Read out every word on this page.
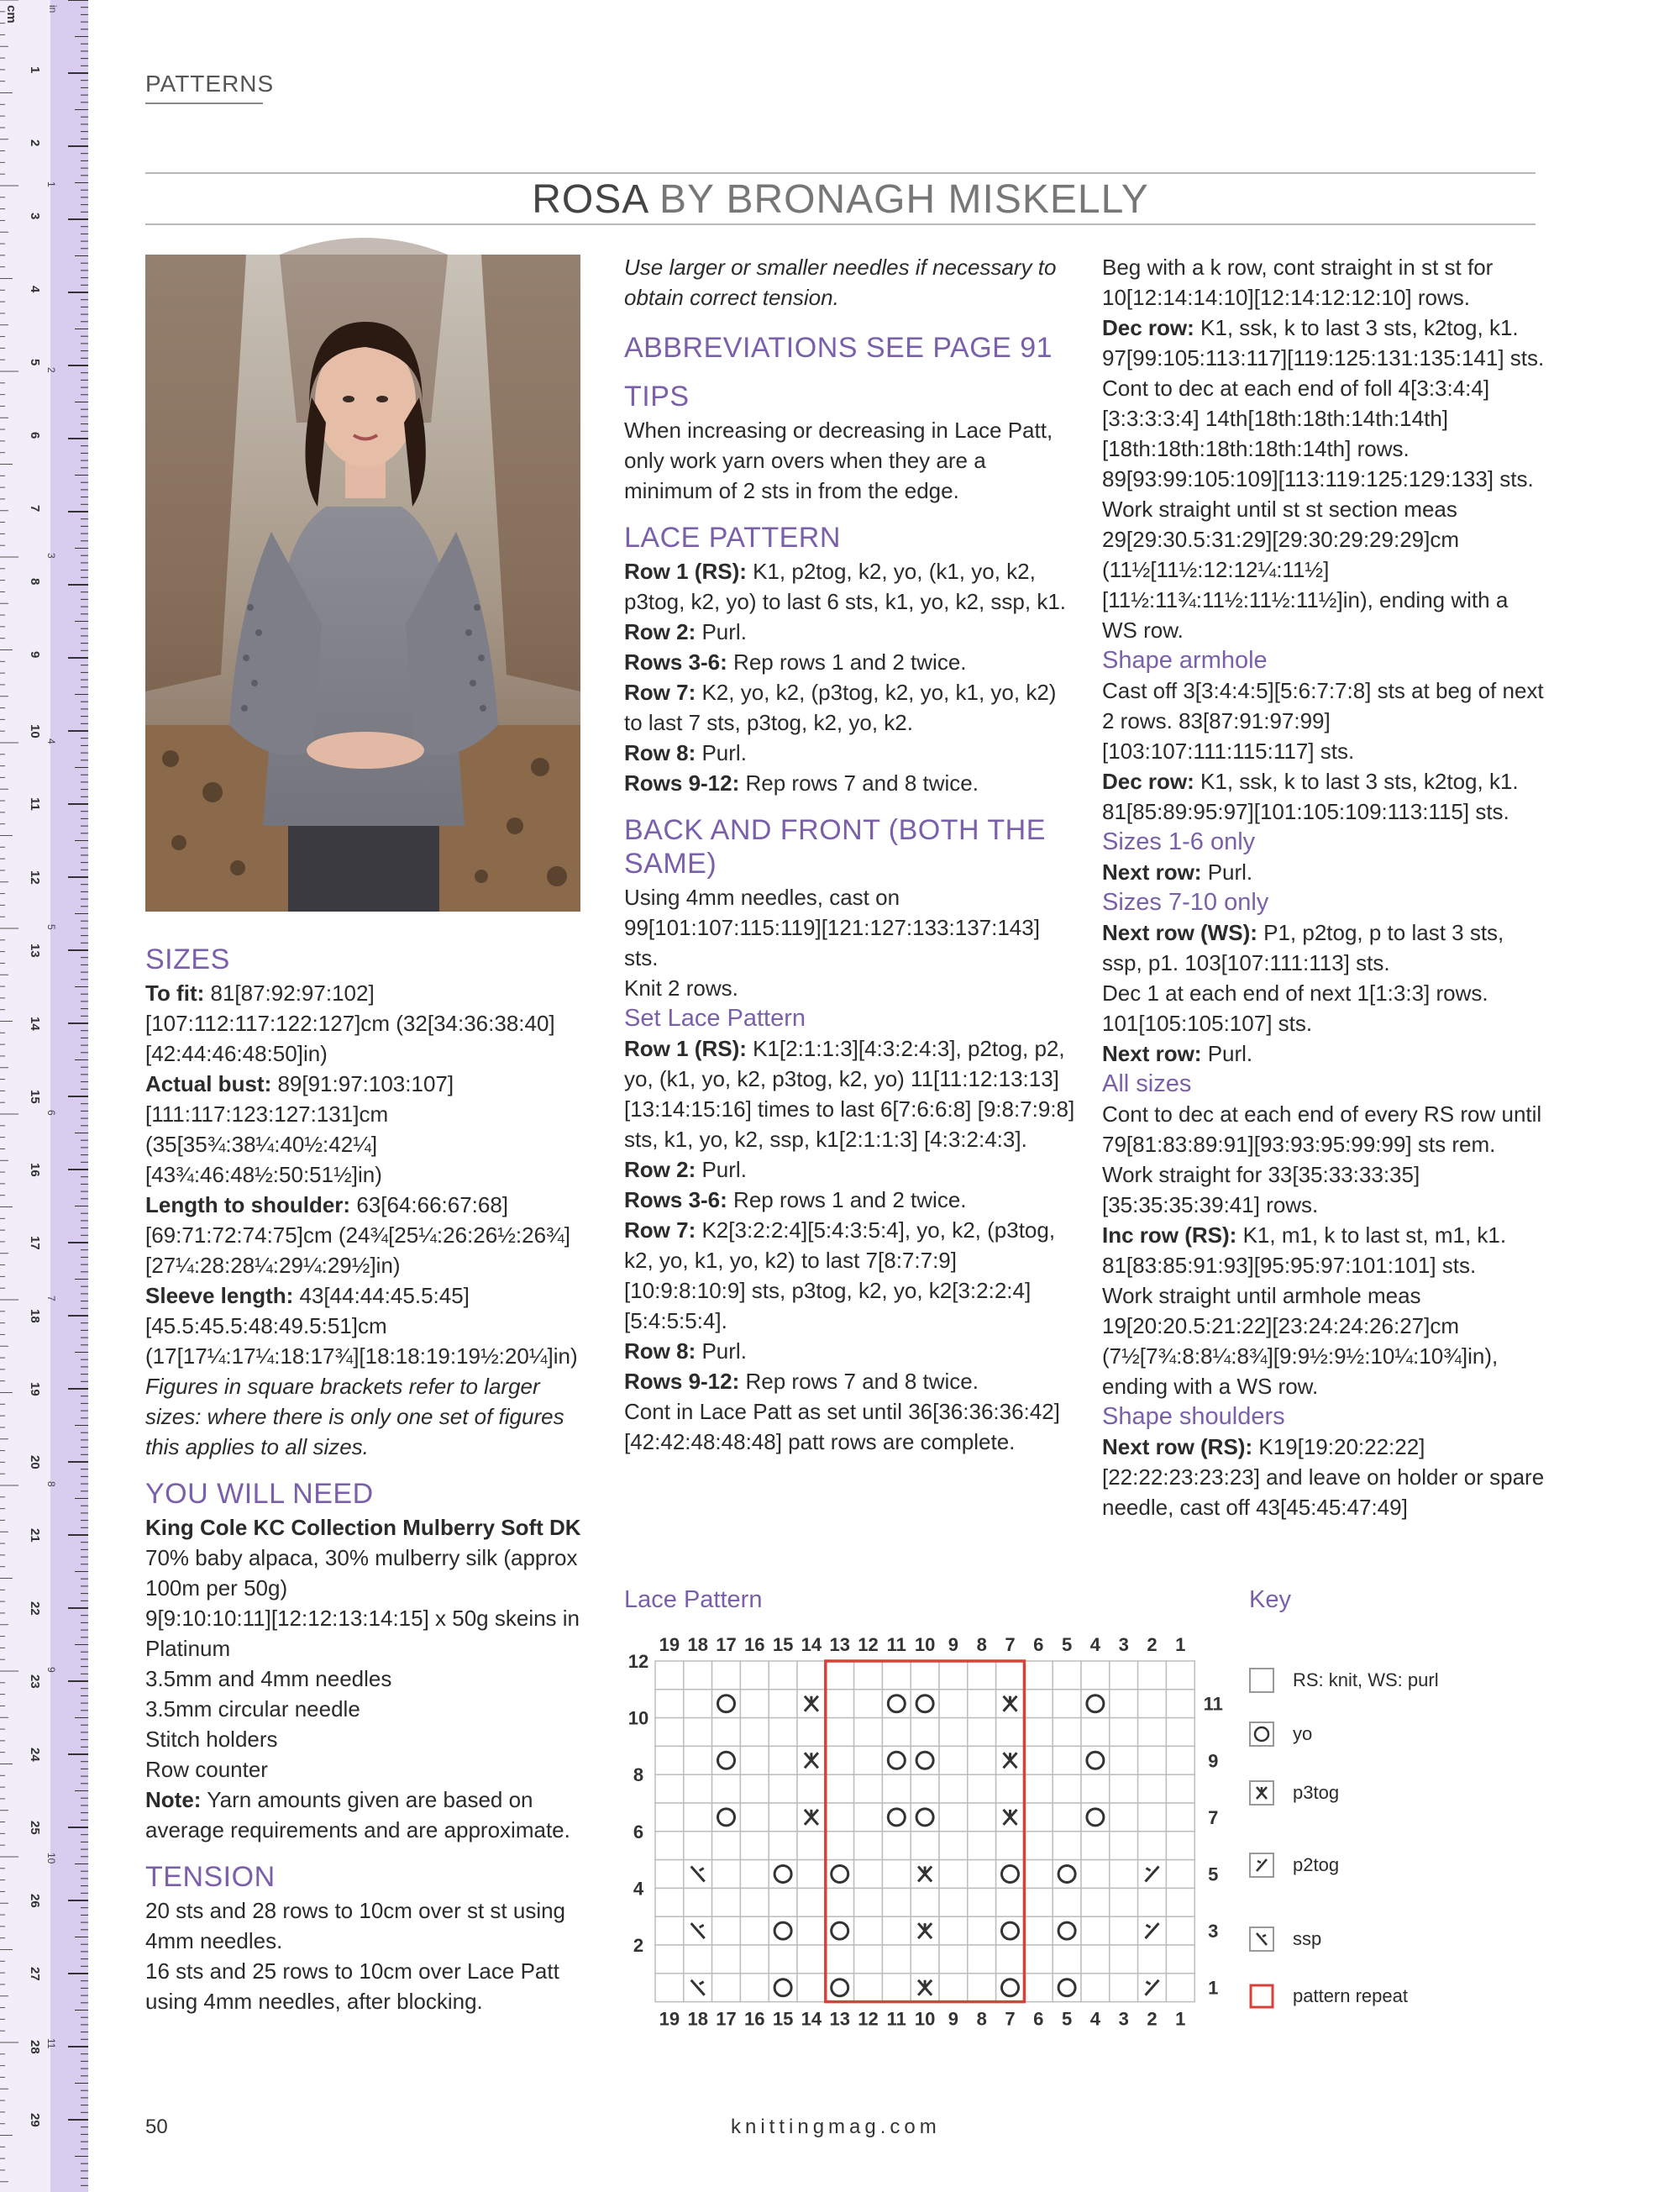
cm	in
1
2
3
4
5
6
7
8
9
10
11
12
13
14
15
16
17
18
19
20
21
22
23
24
25
26
27
28
29
1
2
3
4
5
6
7
8
9
10
11
PATTERNS
ROSA BY BRONAGH MISKELLY

SIZES

To fit: 81[87:92:97:102][107:112:117:122:127]cm (32[34:36:38:40][42:44:46:48:50]in)

Actual bust: 89[91:97:103:107] [111:117:123:127:131]cm (35[35¾:38¼:40½:42¼] [43¾:46:48½:50:51½]in)

Length to shoulder: 63[64:66:67:68] [69:71:72:74:75]cm (24¾[25¼:26:26½:26¾] [27¼:28:28¼:29¼:29½]in)

Sleeve length: 43[44:44:45.5:45] [45.5:45.5:48:49.5:51]cm (17[17¼:17¼:18:17¾][18:18:19:19½:20¼]in)

Figures in square brackets refer to larger sizes: where there is only one set of figures this applies to all sizes.

YOU WILL NEED

King Cole KC Collection Mulberry Soft DK 70% baby alpaca, 30% mulberry silk (approx 100m per 50g)

9[9:10:10:11][12:12:13:14:15] x 50g skeins in Platinum

3.5mm and 4mm needles

3.5mm circular needle

Stitch holders

Row counter

Note: Yarn amounts given are based on average requirements and are approximate.

TENSION

20 sts and 28 rows to 10cm over st st using 4mm needles.

16 sts and 25 rows to 10cm over Lace Patt using 4mm needles, after blocking.

Use larger or smaller needles if necessary to obtain correct tension.

ABBREVIATIONS SEE PAGE 91

TIPS

When increasing or decreasing in Lace Patt, only work yarn overs when they are a minimum of 2 sts in from the edge.

LACE PATTERN

Row 1 (RS): K1, p2tog, k2, yo, (k1, yo, k2, p3tog, k2, yo) to last 6 sts, k1, yo, k2, ssp, k1.

Row 2: Purl.

Rows 3-6: Rep rows 1 and 2 twice.

Row 7: K2, yo, k2, (p3tog, k2, yo, k1, yo, k2) to last 7 sts, p3tog, k2, yo, k2.

Row 8: Purl.

Rows 9-12: Rep rows 7 and 8 twice.

BACK AND FRONT (BOTH THE SAME)

Using 4mm needles, cast on 99[101:107:115:119][121:127:133:137:143] sts.

Knit 2 rows.

Set Lace Pattern

Row 1 (RS): K1[2:1:1:3][4:3:2:4:3], p2tog, p2, yo, (k1, yo, k2, p3tog, k2, yo) 11[11:12:13:13] [13:14:15:16] times to last 6[7:6:6:8] [9:8:7:9:8] sts, k1, yo, k2, ssp, k1[2:1:1:3] [4:3:2:4:3].

Row 2: Purl.

Rows 3-6: Rep rows 1 and 2 twice.

Row 7: K2[3:2:2:4][5:4:3:5:4], yo, k2, (p3tog, k2, yo, k1, yo, k2) to last 7[8:7:7:9] [10:9:8:10:9] sts, p3tog, k2, yo, k2[3:2:2:4] [5:4:5:5:4].

Row 8: Purl.

Rows 9-12: Rep rows 7 and 8 twice.

Cont in Lace Patt as set until 36[36:36:36:42][42:42:48:48:48] patt rows are complete.

Beg with a k row, cont straight in st st for 10[12:14:14:10][12:14:12:12:10] rows.

Dec row: K1, ssk, k to last 3 sts, k2tog, k1. 97[99:105:113:117][119:125:131:135:141] sts.

Cont to dec at each end of foll 4[3:3:4:4] [3:3:3:3:4] 14th[18th:18th:14th:14th] [18th:18th:18th:18th:14th] rows. 89[93:99:105:109][113:119:125:129:133] sts.

Work straight until st st section meas 29[29:30.5:31:29][29:30:29:29:29]cm (11½[11½:12:12¼:11½][11½:11¾:11½:11½:11½]in), ending with a WS row.

Shape armhole

Cast off 3[3:4:4:5][5:6:7:7:8] sts at beg of next 2 rows. 83[87:91:97:99] [103:107:111:115:117] sts.

Dec row: K1, ssk, k to last 3 sts, k2tog, k1. 81[85:89:95:97][101:105:109:113:115] sts.

Sizes 1-6 only

Next row: Purl.

Sizes 7-10 only

Next row (WS): P1, p2tog, p to last 3 sts, ssp, p1. 103[107:111:113] sts.

Dec 1 at each end of next 1[1:3:3] rows. 101[105:105:107] sts.

Next row: Purl.

All sizes

Cont to dec at each end of every RS row until 79[81:83:89:91][93:93:95:99:99] sts rem.

Work straight for 33[35:33:33:35] [35:35:35:39:41] rows.

Inc row (RS): K1, m1, k to last st, m1, k1. 81[83:85:91:93][95:95:97:101:101] sts.

Work straight until armhole meas 19[20:20.5:21:22][23:24:24:26:27]cm (7½[7¾:8:8¼:8¾][9:9½:9½:10¼:10¾]in), ending with a WS row.

Shape shoulders

Next row (RS): K19[19:20:22:22] [22:22:23:23:23] and leave on holder or spare needle, cast off 43[45:45:47:49]

Lace Pattern
19
19
18
18
17
17
16
16
15
15
14
14
13
13
12
12
11
11
10
10
9
9
8
8
7
7
6
6
5
5
4
4
3
3
2
2
1
1
12
10
8
6
4
2
11
9
7
5
3
1
Key
RS: knit, WS: purl
yo
p3tog
p2tog
ssp
pattern repeat
50	knittingmag.com
